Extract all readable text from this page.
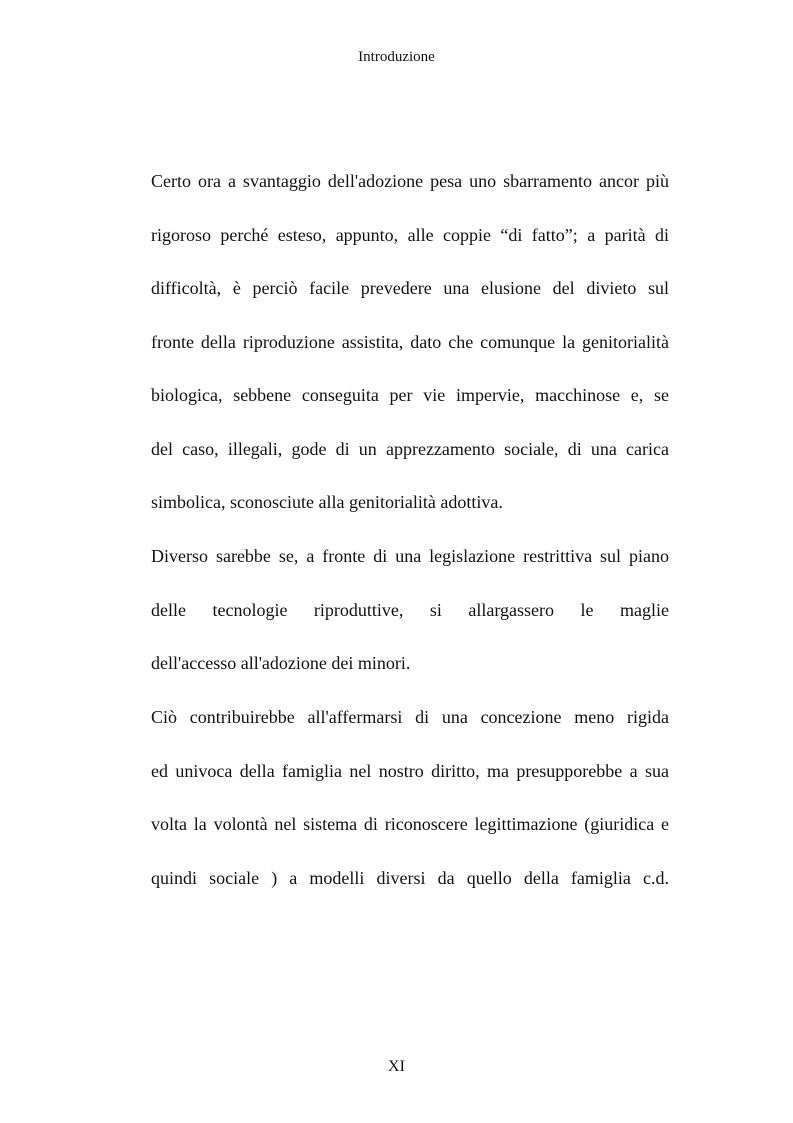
Introduzione
Certo ora a svantaggio dell'adozione pesa uno sbarramento ancor più
rigoroso perché esteso, appunto, alle coppie “di fatto”; a parità di
difficoltà, è perciò facile prevedere una elusione del divieto sul
fronte della riproduzione assistita, dato che comunque la genitorialità
biologica, sebbene conseguita per vie impervie, macchinose e, se
del caso, illegali, gode di un apprezzamento sociale, di una carica
simbolica, sconosciute alla genitorialità adottiva.
Diverso sarebbe se, a fronte di una legislazione restrittiva sul piano
delle tecnologie riproduttive, si allargassero le maglie
dell'accesso all'adozione dei minori.
Ciò contribuirebbe all'affermarsi di una concezione meno rigida
ed univoca della famiglia nel nostro diritto, ma presupporebbe a sua
volta la volontà nel sistema di riconoscere legittimazione (giuridica e
quindi sociale ) a modelli diversi da quello della famiglia c.d.
XI
